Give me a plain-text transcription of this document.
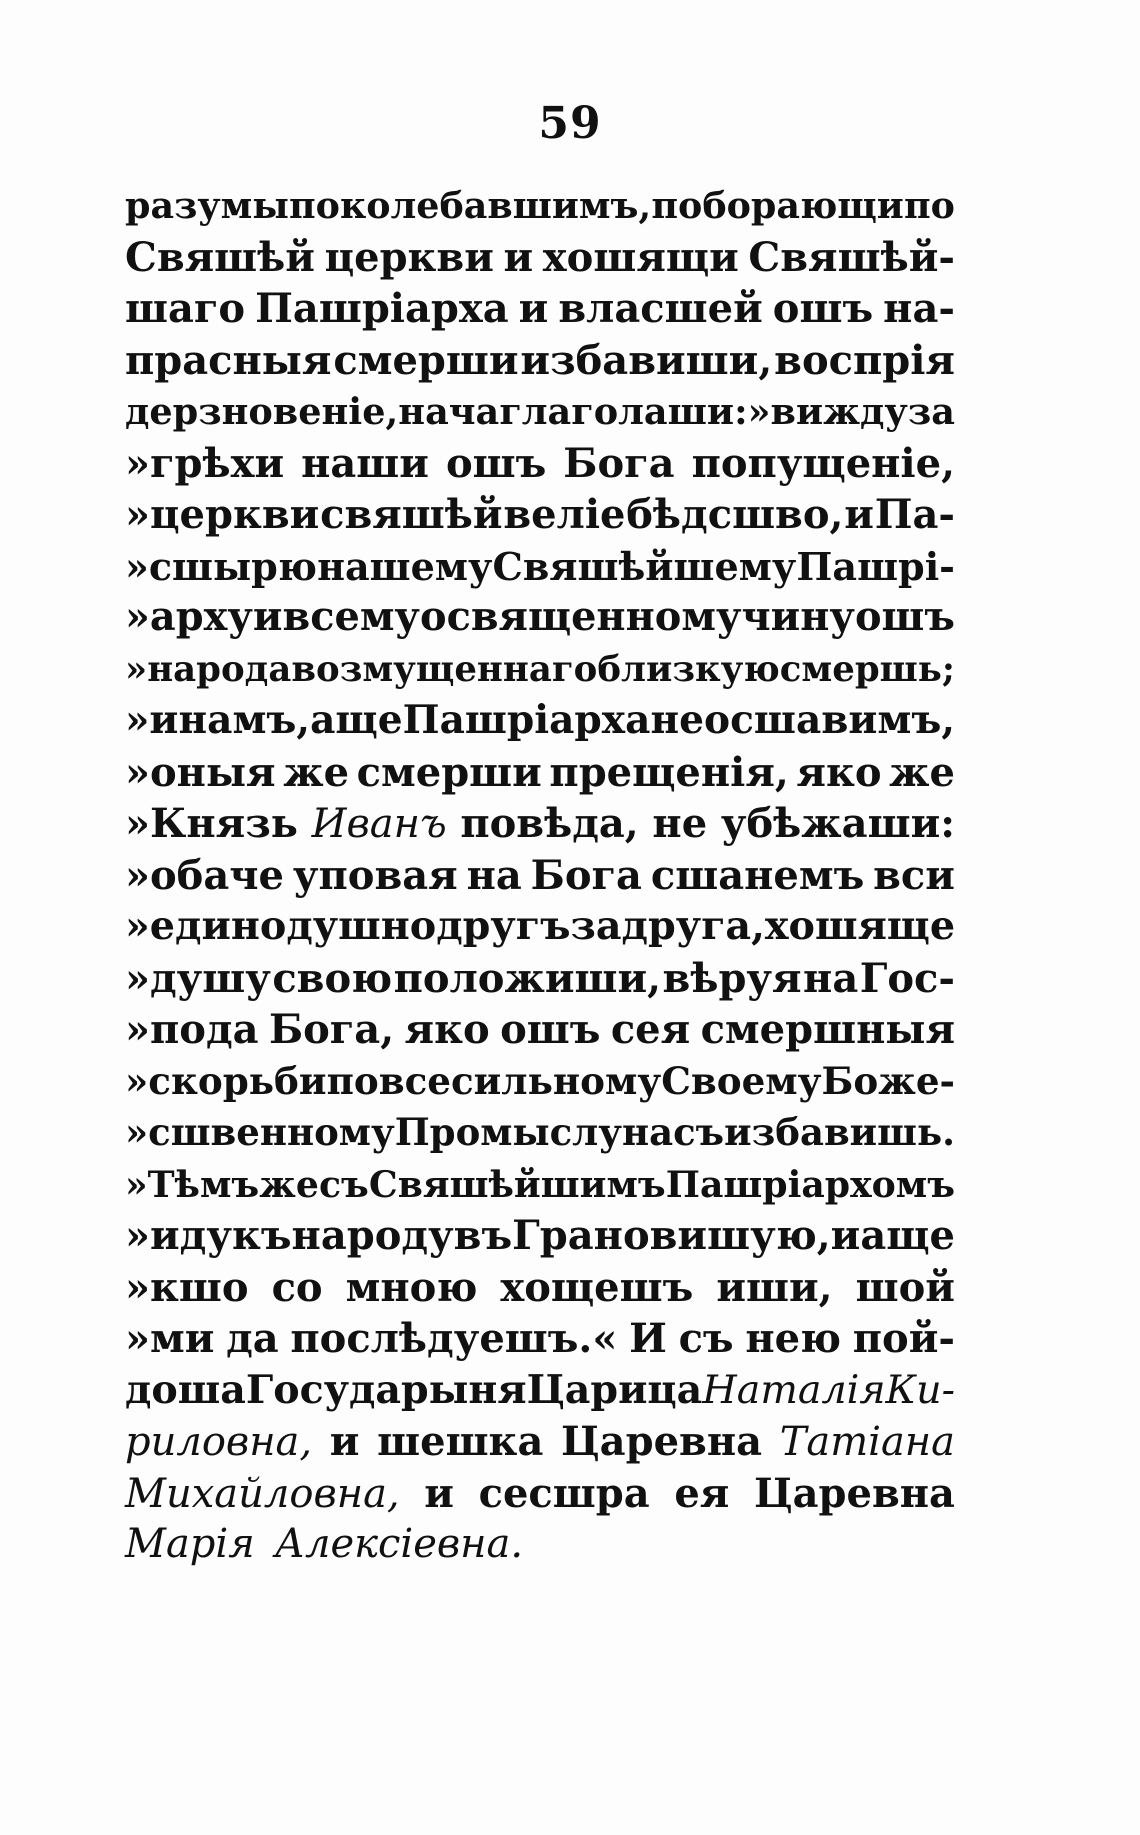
59
разумы поколебавшимъ, поборающи по
Свяшѣй церкви и хошящи Свяшѣй-
шаго Пашріарха и власшей ошъ на-
прасныя смерши избавиши, воспрія
дерзновеніе, нача глаголаши: »вижду за
»грѣхи наши ошъ Бога попущеніе,
»церкви свяшѣй веліе бѣдсшво, и Па-
»сшырю нашему Свяшѣйшему Пашрі-
»арху и всему освященному чину ошъ
»народа возмущеннаго близкую смершь;
»и намъ, аще Пашріарха не осшавимъ,
»оныя же смерши прещенія, яко же
»Князь Иванъ повѣда, не убѣжаши:
»обаче уповая на Бога сшанемъ вси
»единодушно другъ за друга, хошяще
»душу свою положиши, вѣруя на Гос-
»пода Бога, яко ошъ сея смершныя
»скорьби по всесильному Своему Боже-
»сшвенному Промыслу насъ избавишь.
»Тѣмъ же съ Свяшѣйшимъ Пашріархомъ
»иду къ народу въ Грановишую, и аще
»кшо со мною хощешъ иши, шой
»ми да послѣдуешъ.« И съ нею пой-
доша Государыня Царица Наталія Ки-
риловна, и шешка Царевна Татіана
Михайловна, и сесшра ея Царевна
Марія Алексіевна.
